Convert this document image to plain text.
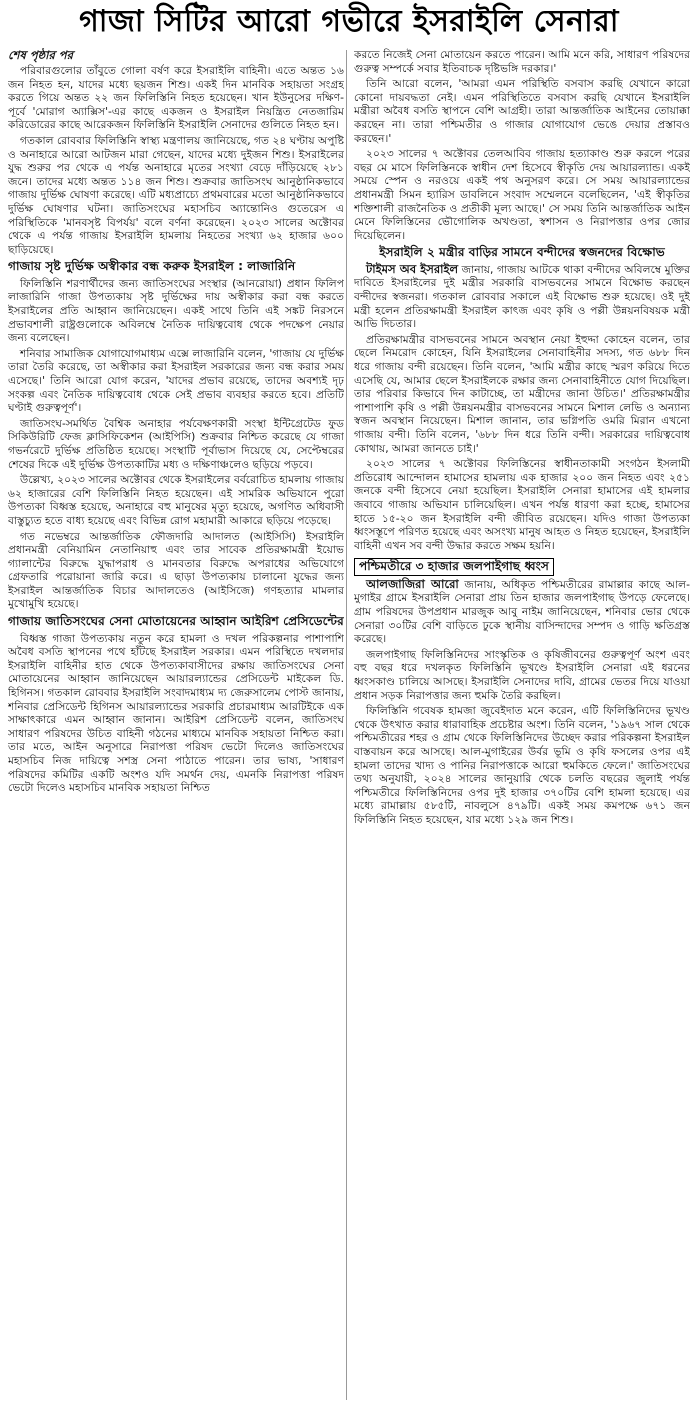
গাজা সিটির আরো গভীরে ইসরাইলি সেনারা

শেষ পৃষ্ঠার পর

পরিবারগুলোর তাঁবুতে গোলা বর্ষণ করে ইসরাইলি বাহিনী। এতে অন্তত ১৬ জন নিহত হন, যাদের মধ্যে ছয়জন শিশু। একই দিন মানবিক সহায়তা সংগ্রহ করতে গিয়ে অন্তত ২২ জন ফিলিস্তিনি নিহত হয়েছেন। খান ইউনুসের দক্ষিণ-পূর্বে 'মোরাগ অ্যাক্সিস'-এর কাছে একজন ও ইসরাইল নিয়ন্ত্রিত নেতজারিম করিডোরের কাছে আরেকজন ফিলিস্তিনি ইসরাইলি সেনাদের গুলিতে নিহত হন।

গতকাল রোববার ফিলিস্তিনি স্বাস্থ্য মন্ত্রণালয় জানিয়েছে, গত ২৪ ঘণ্টায় অপুষ্টি ও অনাহারে আরো আটজন মারা গেছেন, যাদের মধ্যে দুইজন শিশু। ইসরাইলের যুদ্ধ শুরুর পর থেকে এ পর্যন্ত অনাহারে মৃতের সংখ্যা বেড়ে দাঁড়িয়েছে ২৮১ জনে। তাদের মধ্যে অন্তত ১১৪ জন শিশু। শুক্রবার জাতিসংঘ আনুষ্ঠানিকভাবে গাজায় দুর্ভিক্ষ ঘোষণা করেছে। এটি মধ্যপ্রাচ্যে প্রথমবারের মতো আনুষ্ঠানিকভাবে দুর্ভিক্ষ ঘোষণার ঘটনা। জাতিসংঘের মহাসচিব অ্যান্তোনিও গুতেরেস এ পরিস্থিতিকে 'মানবসৃষ্ট বিপর্যয়' বলে বর্ণনা করেছেন। ২০২৩ সালের অক্টোবর থেকে এ পর্যন্ত গাজায় ইসরাইলি হামলায় নিহতের সংখ্যা ৬২ হাজার ৬০০ ছাড়িয়েছে।

গাজায় সৃষ্ট দুর্ভিক্ষ অস্বীকার বন্ধ করুক ইসরাইল : লাজারিনি

ফিলিস্তিনি শরণার্থীদের জন্য জাতিসংঘের সংস্থার (আনরোয়া) প্রধান ফিলিপ লাজারিনি গাজা উপত্যকায় সৃষ্ট দুর্ভিক্ষের দায় অস্বীকার করা বন্ধ করতে ইসরাইলের প্রতি আহ্বান জানিয়েছেন। একই সাথে তিনি এই সঙ্কট নিরসনে প্রভাবশালী রাষ্ট্রগুলোকে অবিলম্বে নৈতিক দায়িত্ববোধ থেকে পদক্ষেপ নেয়ার জন্য বলেছেন।

শনিবার সামাজিক যোগাযোগমাধ্যম এক্সে লাজারিনি বলেন, 'গাজায় যে দুর্ভিক্ষ তারা তৈরি করেছে, তা অস্বীকার করা ইসরাইল সরকারের জন্য বন্ধ করার সময় এসেছে।' তিনি আরো যোগ করেন, 'যাদের প্রভাব রয়েছে, তাদের অবশ্যই দৃঢ় সংকল্প এবং নৈতিক দায়িত্ববোধ থেকে সেই প্রভাব ব্যবহার করতে হবে। প্রতিটি ঘণ্টাই গুরুত্বপূর্ণ'।

জাতিসংঘ-সমর্থিত বৈশ্বিক অনাহার পর্যবেক্ষণকারী সংস্থা ইন্টিগ্রেটেড ফুড সিকিউরিটি ফেজ ক্লাসিফিকেশন (আইপিসি) শুক্রবার নিশ্চিত করেছে যে গাজা গভর্নরেটে দুর্ভিক্ষ প্রতিষ্ঠিত হয়েছে। সংস্থাটি পূর্বাভাস দিয়েছে যে, সেপ্টেম্বরের শেষের দিকে এই দুর্ভিক্ষ উপত্যকাটির মধ্য ও দক্ষিণাঞ্চলেও ছড়িয়ে পড়বে।

উল্লেখ্য, ২০২৩ সালের অক্টোবর থেকে ইসরাইলের বর্বরোচিত হামলায় গাজায় ৬২ হাজারের বেশি ফিলিস্তিনি নিহত হয়েছেন। এই সামরিক অভিযানে পুরো উপত্যকা বিধ্বস্ত হয়েছে, অনাহারে বহু মানুষের মৃত্যু হয়েছে, অগণিত অধিবাসী বাস্তুচ্যুত হতে বাধ্য হয়েছে এবং বিভিন্ন রোগ মহামারী আকারে ছড়িয়ে পড়েছে।

গত নভেম্বরে আন্তর্জাতিক ফৌজদারি আদালত (আইসিসি) ইসরাইলি প্রধানমন্ত্রী বেনিয়ামিন নেতানিয়াহু এবং তার সাবেক প্রতিরক্ষামন্ত্রী ইয়োভ গ্যালান্টের বিরুদ্ধে যুদ্ধাপরাধ ও মানবতার বিরুদ্ধে অপরাধের অভিযোগে গ্রেফতারি পরোয়ানা জারি করে। এ ছাড়া উপত্যকায় চালানো যুদ্ধের জন্য ইসরাইল আন্তর্জাতিক বিচার আদালতেও (আইসিজে) গণহত্যার মামলার মুখোমুখি হয়েছে।

গাজায় জাতিসংঘের সেনা মোতায়েনের আহ্বান আইরিশ প্রেসিডেন্টের

বিধ্বস্ত গাজা উপত্যকায় নতুন করে হামলা ও দখল পরিকল্পনার পাশাপাশি অবৈধ বসতি স্থাপনের পথে হাঁটছে ইসরাইল সরকার। এমন পরিস্থিতে দখলদার ইসরাইলি বাহিনীর হাত থেকে উপত্যকাবাসীদের রক্ষায় জাতিসংঘের সেনা মোতায়েনের আহ্বান জানিয়েছেন আয়ারল্যান্ডের প্রেসিডেন্ট মাইকেল ডি. হিগিনস। গতকাল রোববার ইসরাইলি সংবাদমাধ্যম দ্য জেরুসালেম পোস্ট জানায়, শনিবার প্রেসিডেন্ট হিগিনস আয়ারল্যান্ডের সরকারি প্রচারমাধ্যম আরটিইকে এক সাক্ষাৎকারে এমন আহ্বান জানান। আইরিশ প্রেসিডেন্ট বলেন, জাতিসংঘ সাধারণ পরিষদের উচিত বাহিনী গঠনের মাধ্যমে মানবিক সহায়তা নিশ্চিত করা। তার মতে, আইন অনুসারে নিরাপত্তা পরিষদ ভেটো দিলেও জাতিসংঘের মহাসচিব নিজ দায়িত্বে সশস্ত্র সেনা পাঠাতে পারেন। তার ভাষ্য, 'সাধারণ পরিষদের কমিটির একটি অংশও যদি সমর্থন দেয়, এমনকি নিরাপত্তা পরিষদ ভেটো দিলেও মহাসচিব মানবিক সহায়তা নিশ্চিত

করতে নিজেই সেনা মোতায়েন করতে পারেন। আমি মনে করি, সাধারণ পরিষদের গুরুত্ব সম্পর্কে সবার ইতিবাচক দৃষ্টিভঙ্গি দরকার।'

তিনি আরো বলেন, 'আমরা এমন পরিস্থিতি বসবাস করছি যেখানে কারো কোনো দায়বদ্ধতা নেই। এমন পরিস্থিতিতে বসবাস করছি যেখানে ইসরাইলি মন্ত্রীরা অবৈধ বসতি স্থাপনে বেশি আগ্রহী। তারা আন্তর্জাতিক আইনের তোয়াক্কা করছেন না। তারা পশ্চিমতীর ও গাজার যোগাযোগ ভেঙে দেয়ার প্রস্তাবও করছেন।'

২০২৩ সালের ৭ অক্টোবর তেলআবিব গাজায় হত্যাকাণ্ড শুরু করলে পরের বছর মে মাসে ফিলিস্তিনকে স্বাধীন দেশ হিসেবে স্বীকৃতি দেয় আয়ারল্যান্ড। একই সময়ে স্পেন ও নরওয়ে একই পথ অনুসরণ করে। সে সময় আয়ারল্যান্ডের প্রধানমন্ত্রী সিমন হ্যারিস ডাবলিনে সংবাদ সম্মেলনে বলেছিলেন, 'এই স্বীকৃতির শক্তিশালী রাজনৈতিক ও প্রতীকী মূল্য আছে।' সে সময় তিনি আন্তর্জাতিক আইন মেনে ফিলিস্তিনের ভৌগোলিক অখণ্ডতা, স্বশাসন ও নিরাপত্তার ওপর জোর দিয়েছিলেন।

ইসরাইলি ২ মন্ত্রীর বাড়ির সামনে বন্দীদের স্বজনদের বিক্ষোভ

টাইমস অব ইসরাইল জানায়, গাজায় আটকে থাকা বন্দীদের অবিলম্বে মুক্তির দাবিতে ইসরাইলের দুই মন্ত্রীর সরকারি বাসভবনের সামনে বিক্ষোভ করছেন বন্দীদের স্বজনরা। গতকাল রোববার সকালে এই বিক্ষোভ শুরু হয়েছে। ওই দুই মন্ত্রী হলেন প্রতিরক্ষামন্ত্রী ইসরাইল কাৎজ এবং কৃষি ও পল্লী উন্নয়নবিষয়ক মন্ত্রী আভি দিচতার।

প্রতিরক্ষামন্ত্রীর বাসভবনের সামনে অবস্থান নেয়া ইহুদ্দা কোহেন বলেন, তার ছেলে নিমরোদ কোহেন, যিনি ইসরাইলের সেনাবাহিনীর সদস্য, গত ৬৮৮ দিন ধরে গাজায় বন্দী রয়েছেন। তিনি বলেন, 'আমি মন্ত্রীর কাছে স্মরণ করিয়ে দিতে এসেছি যে, আমার ছেলে ইসরাইলকে রক্ষার জন্য সেনাবাহিনীতে যোগ দিয়েছিল। তার পরিবার কিভাবে দিন কাটাচ্ছে, তা মন্ত্রীদের জানা উচিত।' প্রতিরক্ষামন্ত্রীর পাশাপাশি কৃষি ও পল্লী উন্নয়নমন্ত্রীর বাসভবনের সামনে মিশাল লেভি ও অন্যান্য স্বজন অবস্থান নিয়েছেন। মিশাল জানান, তার ভগ্নিপতি ওমরি মিরান এখনো গাজায় বন্দী। তিনি বলেন, '৬৮৮ দিন ধরে তিনি বন্দী। সরকারের দায়িত্ববোধ কোথায়, আমরা জানতে চাই।'

২০২৩ সালের ৭ অক্টোবর ফিলিস্তিনের স্বাধীনতাকামী সংগঠন ইসলামী প্রতিরোধ আন্দোলন হামাসের হামলায় এক হাজার ২০০ জন নিহত এবং ২৫১ জনকে বন্দী হিসেবে নেয়া হয়েছিল। ইসরাইলি সেনারা হামাসের এই হামলার জবাবে গাজায় অভিযান চালিয়েছিল। এখন পর্যন্ত ধারণা করা হচ্ছে, হামাসের হাতে ১৫-২০ জন ইসরাইলি বন্দী জীবিত রয়েছেন। যদিও গাজা উপত্যকা ধ্বংসস্তূপে পরিণত হয়েছে এবং অসংখ্য মানুষ আহত ও নিহত হয়েছেন, ইসরাইলি বাহিনী এখন সব বন্দী উদ্ধার করতে সক্ষম হয়নি।

পশ্চিমতীরে ৩ হাজার জলপাইগাছ ধ্বংস

আলজাজিরা আরো জানায়, অধিকৃত পশ্চিমতীরের রামাল্লার কাছে আল-মুগাইর গ্রামে ইসরাইলি সেনারা প্রায় তিন হাজার জলপাইগাছ উপড়ে ফেলেছে। গ্রাম পরিষদের উপপ্রধান মারজুক আবু নাইম জানিয়েছেন, শনিবার ভোর থেকে সেনারা ৩০টির বেশি বাড়িতে ঢুকে স্থানীয় বাসিন্দাদের সম্পদ ও গাড়ি ক্ষতিগ্রস্ত করেছে।

জলপাইগাছ ফিলিস্তিনিদের সাংস্কৃতিক ও কৃষিজীবনের গুরুত্বপূর্ণ অংশ এবং বহু বছর ধরে দখলকৃত ফিলিস্তিনি ভূখণ্ডে ইসরাইলি সেনারা এই ধরনের ধ্বংসকাণ্ড চালিয়ে আসছে। ইসরাইলি সেনাদের দাবি, গ্রামের ভেতর দিয়ে যাওয়া প্রধান সড়ক নিরাপত্তার জন্য হুমকি তৈরি করছিল।

ফিলিস্তিনি গবেষক হামজা জুবেইদাত মনে করেন, এটি ফিলিস্তিনিদের ভূখণ্ড থেকে উৎখাত করার ধারাবাহিক প্রচেষ্টার অংশ। তিনি বলেন, '১৯৬৭ সাল থেকে পশ্চিমতীরের শহর ও গ্রাম থেকে ফিলিস্তিনিদের উচ্ছেদ করার পরিকল্পনা ইসরাইল বাস্তবায়ন করে আসছে। আল-মুগাইরের উর্বর ভূমি ও কৃষি ফসলের ওপর এই হামলা তাদের খাদ্য ও পানির নিরাপত্তাকে আরো হুমকিতে ফেলে।' জাতিসংঘের তথ্য অনুযায়ী, ২০২৪ সালের জানুয়ারি থেকে চলতি বছরের জুলাই পর্যন্ত পশ্চিমতীরে ফিলিস্তিনিদের ওপর দুই হাজার ৩৭০টির বেশি হামলা হয়েছে। এর মধ্যে রামাল্লায় ৫৮৫টি, নাবলুসে ৪৭৯টি। একই সময় কমপক্ষে ৬৭১ জন ফিলিস্তিনি নিহত হয়েছেন, যার মধ্যে ১২৯ জন শিশু।
